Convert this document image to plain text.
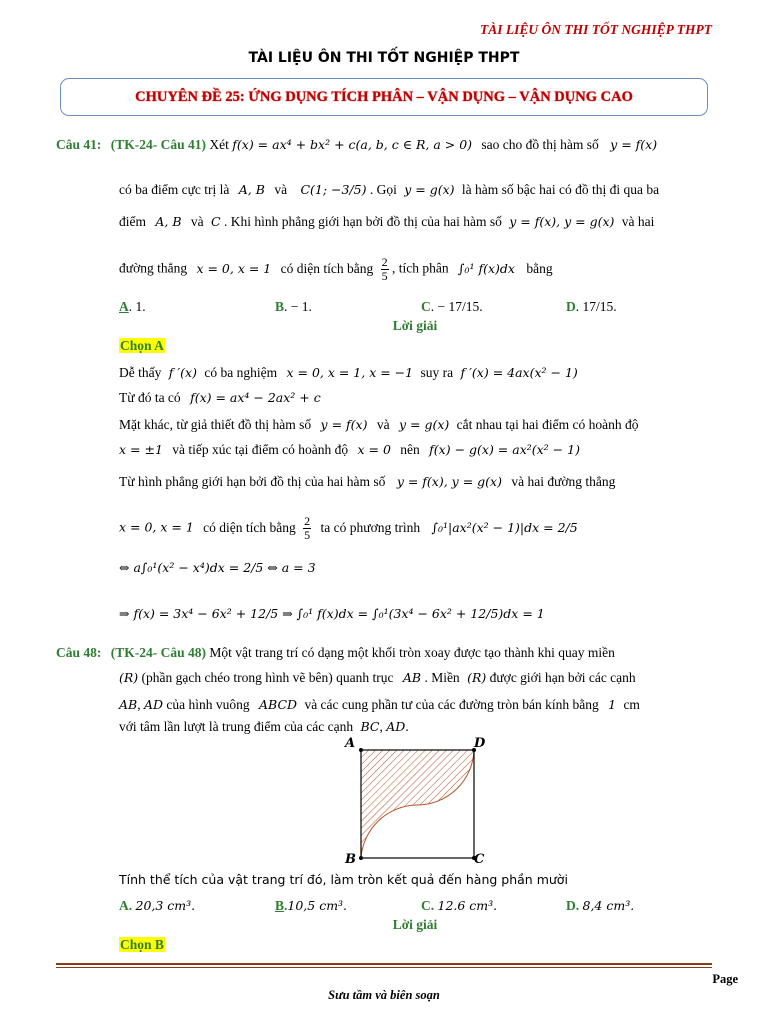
TÀI LIỆU ÔN THI TỐT NGHIỆP THPT
TÀI LIỆU ÔN THI TỐT NGHIỆP THPT
CHUYÊN ĐỀ 25: ỨNG DỤNG TÍCH PHÂN – VẬN DỤNG – VẬN DỤNG CAO
Câu 41: (TK-24- Câu 41) Xét f(x) = ax⁴ + bx² + c(a, b, c ∈ R, a > 0) sao cho đồ thị hàm số y = f(x)
có ba điểm cực trị là A, B và C(1; −3/5) . Gọi y = g(x) là hàm số bậc hai có đồ thị đi qua ba
điểm A, B và C . Khi hình phẳng giới hạn bởi đồ thị của hai hàm số y = f(x), y = g(x) và hai
đường thẳng x = 0, x = 1 có diện tích bằng $\frac{2}{5}$ , tích phân ∫₀¹ f(x)dx bằng
A. 1.	B. − 1.	C. − 17/15.	D. 17/15.
Lời giải
Chọn A
Dễ thấy f ′(x) có ba nghiệm x = 0, x = 1, x = −1 suy ra f ′(x) = 4ax(x² − 1)
Từ đó ta có f(x) = ax⁴ − 2ax² + c
Mặt khác, từ giả thiết đồ thị hàm số y = f(x) và y = g(x) cắt nhau tại hai điểm có hoành độ
x = ±1 và tiếp xúc tại điểm có hoành độ x = 0 nên f(x) − g(x) = ax²(x² − 1)
Từ hình phẳng giới hạn bởi đồ thị của hai hàm số y = f(x), y = g(x) và hai đường thẳng
x = 0, x = 1 có diện tích bằng $\frac{2}{5}$ ta có phương trình ∫₀¹|ax²(x² − 1)|dx = 2/5
⇔ a∫₀¹(x² − x⁴)dx = 2/5 ⇔ a = 3
⇒ f(x) = 3x⁴ − 6x² + 12/5 ⇒ ∫₀¹ f(x)dx = ∫₀¹(3x⁴ − 6x² + 12/5)dx = 1
Câu 48: (TK-24- Câu 48) Một vật trang trí có dạng một khối tròn xoay được tạo thành khi quay miền
(R) (phần gạch chéo trong hình vẽ bên) quanh trục AB . Miền (R) được giới hạn bởi các cạnh
AB, AD của hình vuông ABCD và các cung phần tư của các đường tròn bán kính bằng 1 cm
với tâm lần lượt là trung điểm của các cạnh BC, AD.
A	D
B	C
Tính thể tích của vật trang trí đó, làm tròn kết quả đến hàng phần mười
A. 20,3 cm³.	B.10,5 cm³.	C. 12.6 cm³.	D. 8,4 cm³.
Lời giải
Chọn B
Page
Sưu tầm và biên soạn
